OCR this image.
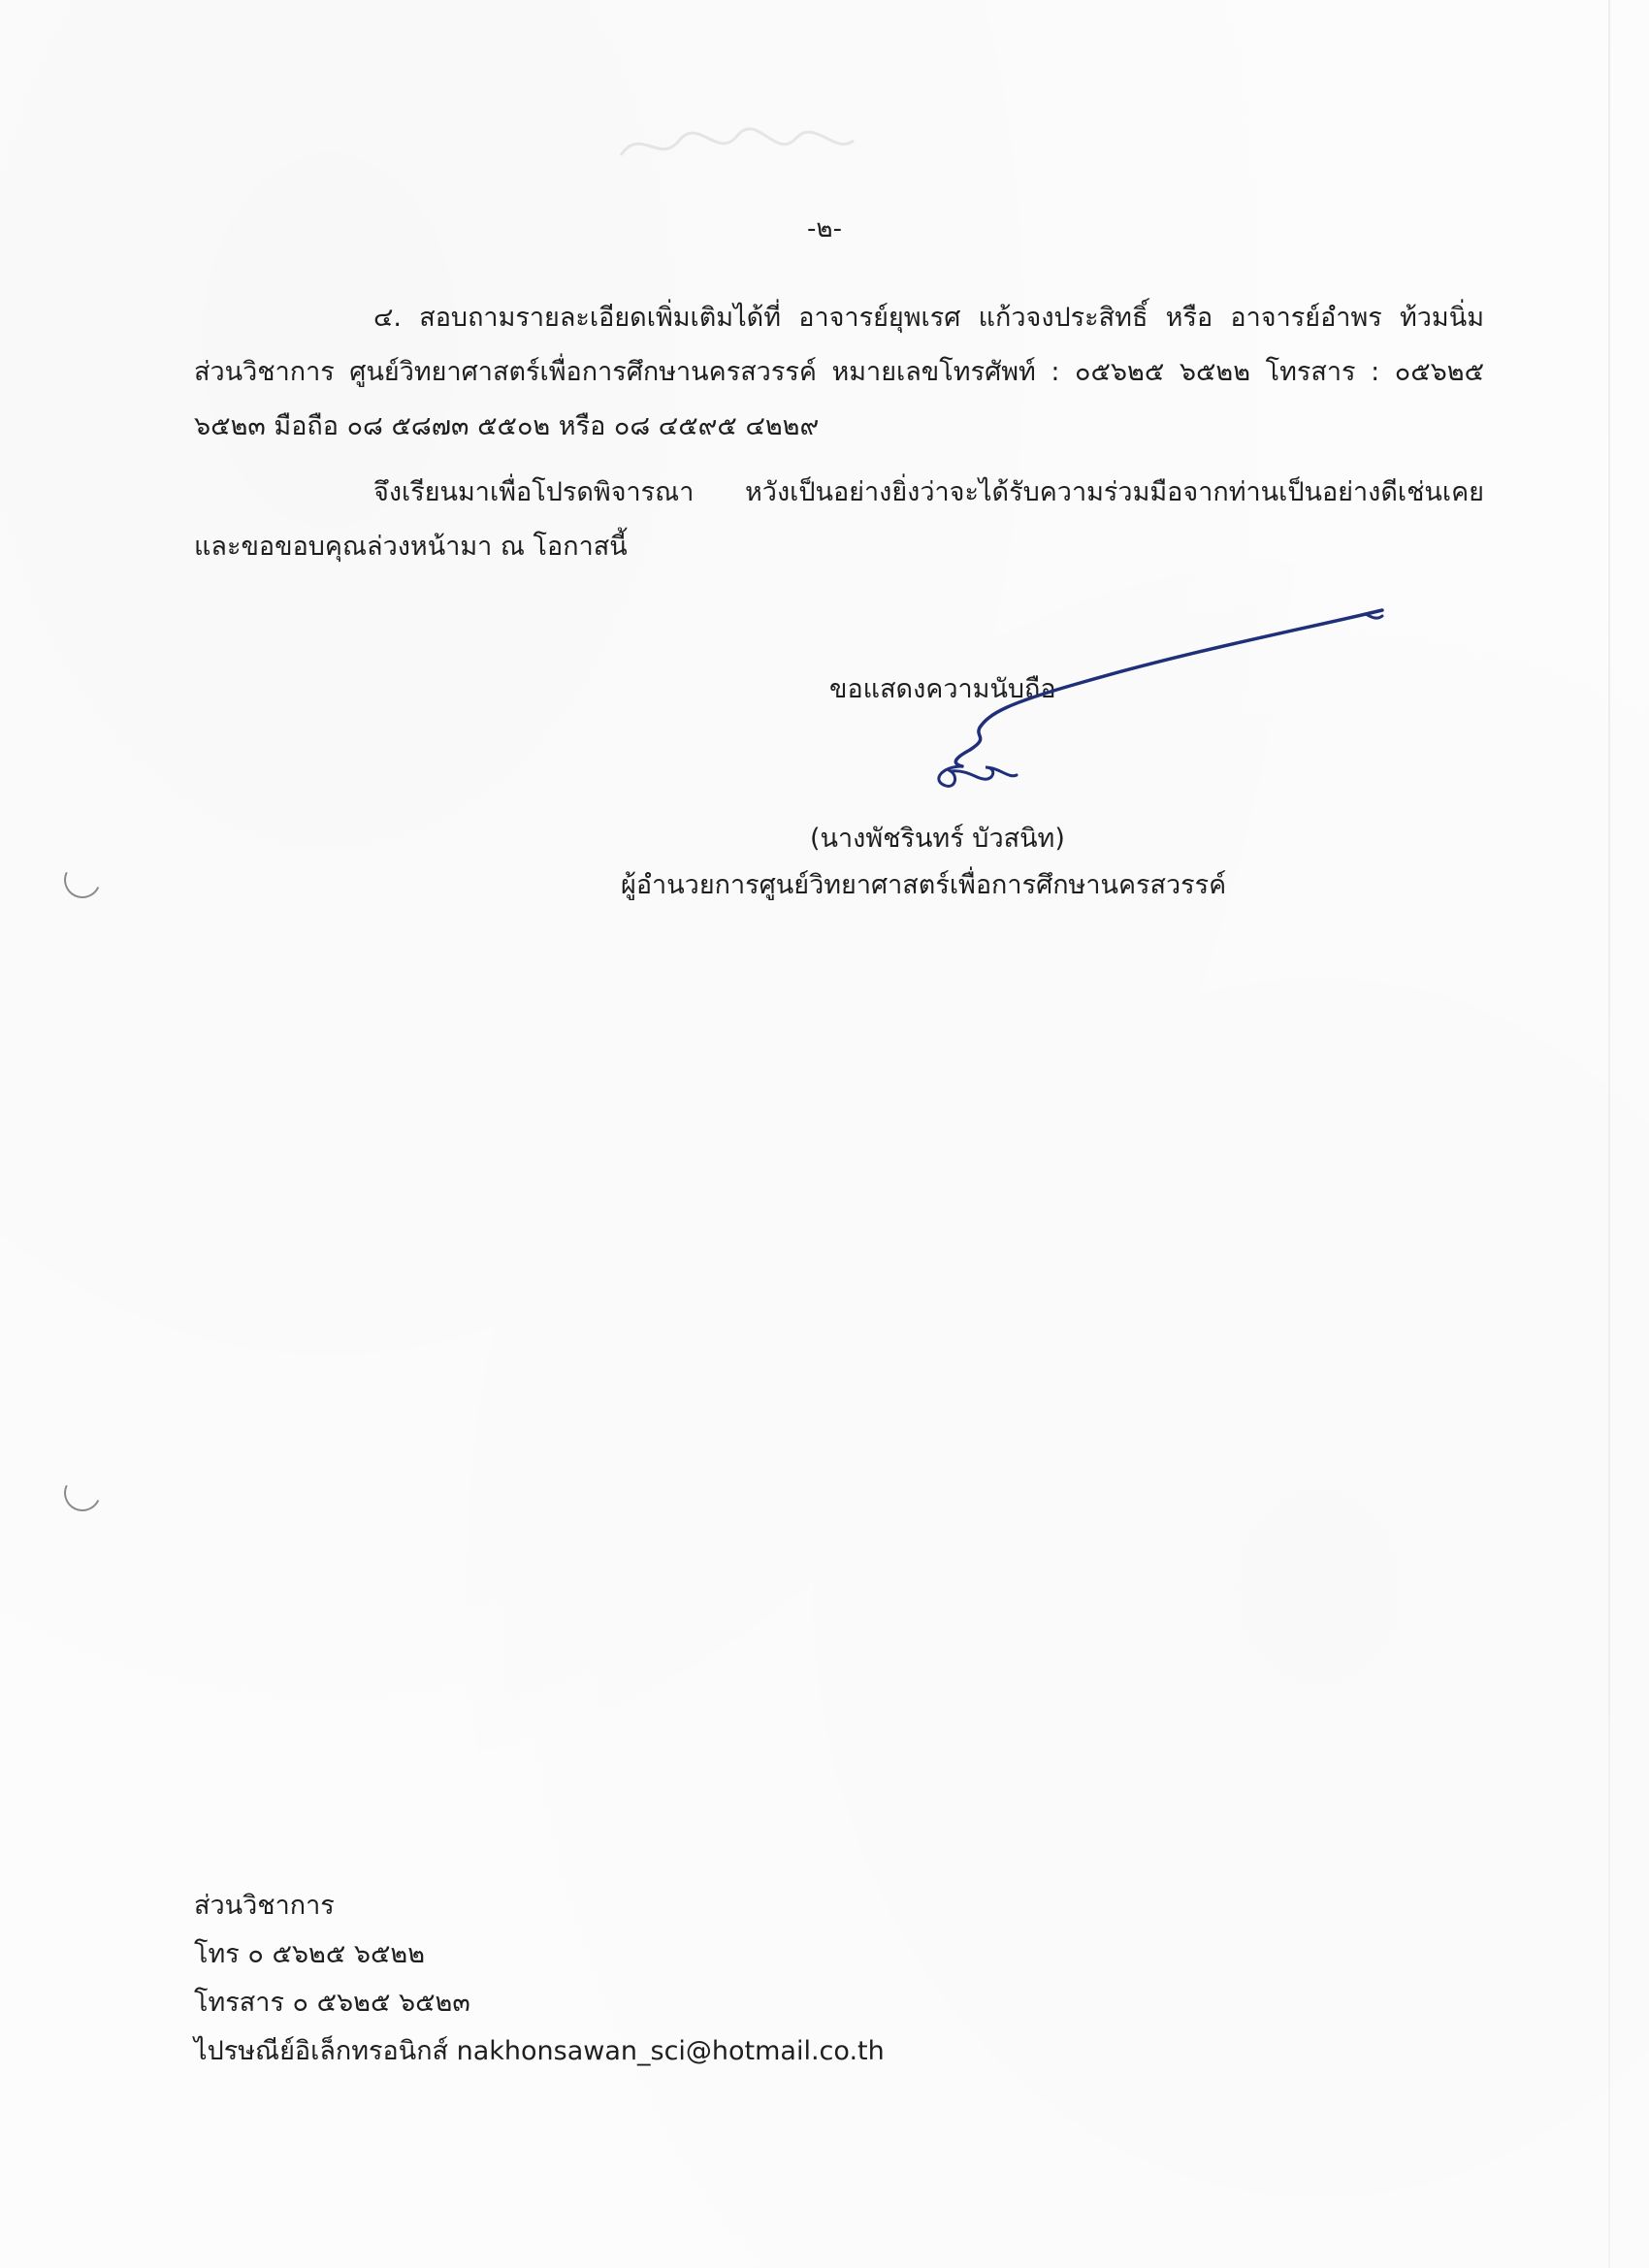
-๒-

๔. สอบถามรายละเอียดเพิ่มเติมได้ที่ อาจารย์ยุพเรศ แก้วจงประสิทธิ์ หรือ อาจารย์อำพร ท้วมนิ่ม ส่วนวิชาการ ศูนย์วิทยาศาสตร์เพื่อการศึกษานครสวรรค์ หมายเลขโทรศัพท์ : ๐๕๖๒๕ ๖๕๒๒ โทรสาร : ๐๕๖๒๕ ๖๕๒๓ มือถือ ๐๘ ๕๘๗๓ ๕๕๐๒ หรือ ๐๘ ๔๕๙๕ ๔๒๒๙

จึงเรียนมาเพื่อโปรดพิจารณา หวังเป็นอย่างยิ่งว่าจะได้รับความร่วมมือจากท่านเป็นอย่างดีเช่นเคย และขอขอบคุณล่วงหน้ามา ณ โอกาสนี้

ขอแสดงความนับถือ
(นางพัชรินทร์ บัวสนิท)
ผู้อำนวยการศูนย์วิทยาศาสตร์เพื่อการศึกษานครสวรรค์
ส่วนวิชาการ
โทร ๐ ๕๖๒๕ ๖๕๒๒
โทรสาร ๐ ๕๖๒๕ ๖๕๒๓
ไปรษณีย์อิเล็กทรอนิกส์ nakhonsawan_sci@hotmail.co.th
